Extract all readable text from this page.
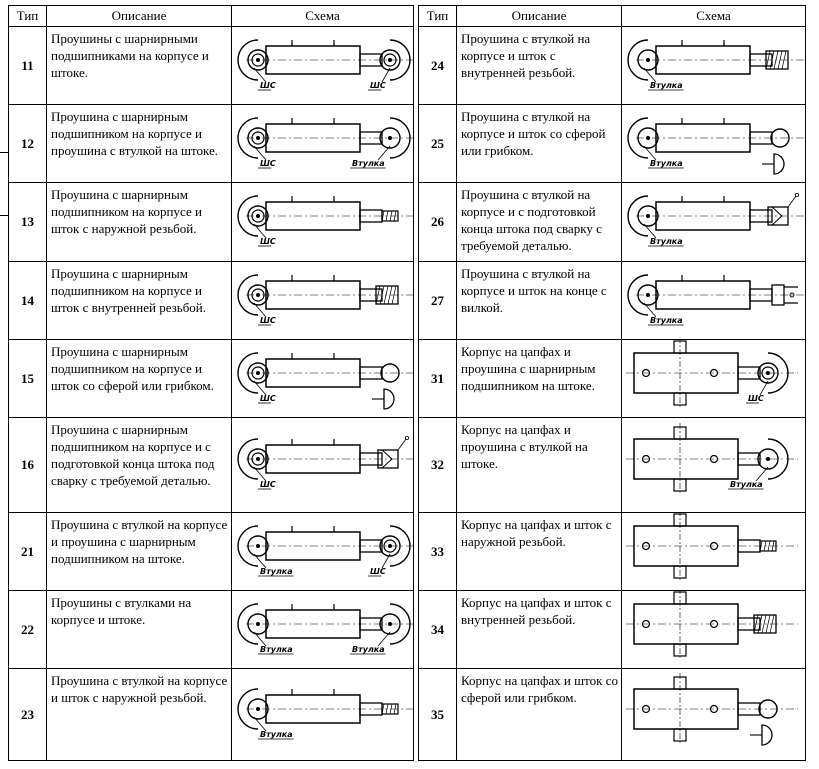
Тип	Описание	Схема
11	Проушины с шарнирными подшипниками на корпусе и штоке.	ШС ШС

12	Проушина с шарнирным подшипником на корпусе и проушина с втулкой на штоке.	ШС Втулка

13	Проушина с шарнирным подшипником на корпусе и шток с наружной резьбой.	ШС

14	Проушина с шарнирным подшипником на корпусе и шток с внутренней резьбой.	ШС

15	Проушина с шарнирным подшипником на корпусе и шток со сферой или грибком.	ШС

16	Проушина с шарнирным подшипником на корпусе и с подготовкой конца штока под сварку с требуемой деталью.	ШС

21	Проушина с втулкой на корпусе и проушина с шарнирным подшипником на штоке.	Втулка ШС

22	Проушины с втулками на корпусе и штоке.	Втулка Втулка

23	Проушина с втулкой на корпусе и шток с наружной резьбой.	Втулка
Тип	Описание	Схема
24	Проушина с втулкой на корпусе и шток с внутренней резьбой.	Втулка

25	Проушина с втулкой на корпусе и шток со сферой или грибком.	Втулка

26	Проушина с втулкой на корпусе и с подготовкой конца штока под сварку с требуемой деталью.	Втулка

27	Проушина с втулкой на корпусе и шток на конце с вилкой.	Втулка

31	Корпус на цапфах и проушина с шарнирным подшипником на штоке.	ШС

32	Корпус на цапфах и проушина с втулкой на штоке.	Втулка

33	Корпус на цапфах и шток с наружной резьбой.	

34	Корпус на цапфах и шток с внутренней резьбой.	

35	Корпус на цапфах и шток со сферой или грибком.	
